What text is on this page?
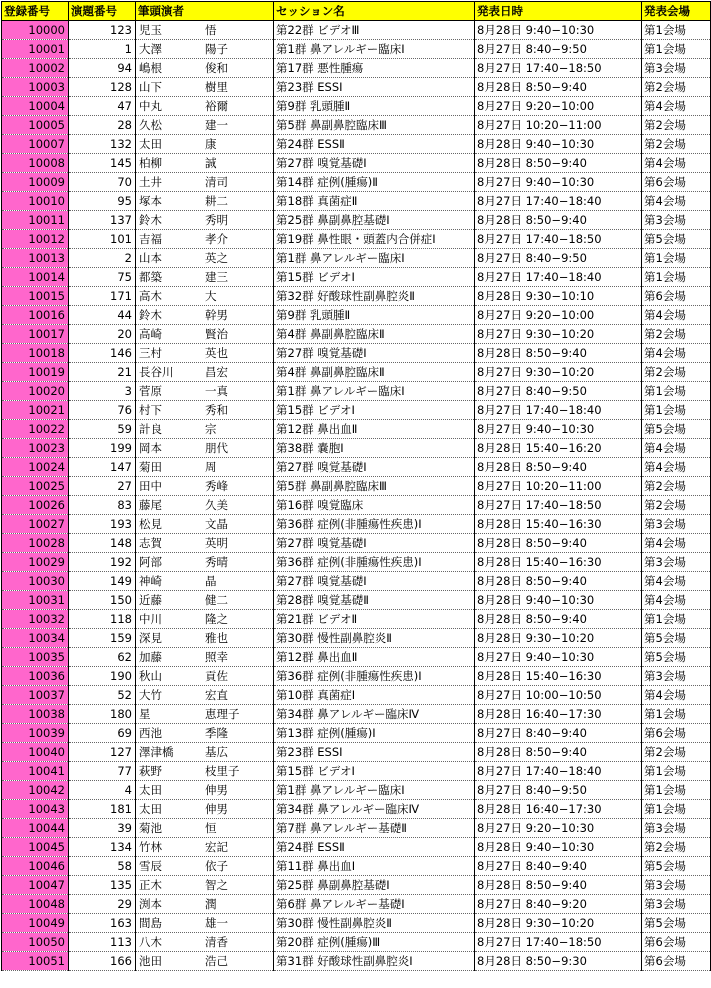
登録番号	演題番号	筆頭演者	セッション名	発表日時	発表会場
10000	123	児玉 悟	第22群 ビデオⅢ	8月28日 9:40−10:30	第1会場
10001	1	大澤 陽子	第1群 鼻アレルギー臨床Ⅰ	8月27日 8:40−9:50	第1会場
10002	94	嶋根 俊和	第17群 悪性腫瘍	8月27日 17:40−18:50	第3会場
10003	128	山下 樹里	第23群 ESSⅠ	8月28日 8:50−9:40	第2会場
10004	47	中丸 裕爾	第9群 乳頭腫Ⅱ	8月27日 9:20−10:00	第4会場
10005	28	久松 建一	第5群 鼻副鼻腔臨床Ⅲ	8月27日 10:20−11:00	第2会場
10007	132	太田 康	第24群 ESSⅡ	8月28日 9:40−10:30	第2会場
10008	145	柏柳 誠	第27群 嗅覚基礎Ⅰ	8月28日 8:50−9:40	第4会場
10009	70	土井 清司	第14群 症例(腫瘍)Ⅱ	8月27日 9:40−10:30	第6会場
10010	95	塚本 耕二	第18群 真菌症Ⅱ	8月27日 17:40−18:40	第4会場
10011	137	鈴木 秀明	第25群 鼻副鼻腔基礎Ⅰ	8月28日 8:50−9:40	第3会場
10012	101	吉福 孝介	第19群 鼻性眼・頭蓋内合併症Ⅰ	8月27日 17:40−18:50	第5会場
10013	2	山本 英之	第1群 鼻アレルギー臨床Ⅰ	8月27日 8:40−9:50	第1会場
10014	75	都築 建三	第15群 ビデオⅠ	8月27日 17:40−18:40	第1会場
10015	171	高木 大	第32群 好酸球性副鼻腔炎Ⅱ	8月28日 9:30−10:10	第6会場
10016	44	鈴木 幹男	第9群 乳頭腫Ⅱ	8月27日 9:20−10:00	第4会場
10017	20	高崎 賢治	第4群 鼻副鼻腔臨床Ⅱ	8月27日 9:30−10:20	第2会場
10018	146	三村 英也	第27群 嗅覚基礎Ⅰ	8月28日 8:50−9:40	第4会場
10019	21	長谷川 昌宏	第4群 鼻副鼻腔臨床Ⅱ	8月27日 9:30−10:20	第2会場
10020	3	菅原 一真	第1群 鼻アレルギー臨床Ⅰ	8月27日 8:40−9:50	第1会場
10021	76	村下 秀和	第15群 ビデオⅠ	8月27日 17:40−18:40	第1会場
10022	59	計良 宗	第12群 鼻出血Ⅱ	8月27日 9:40−10:30	第5会場
10023	199	岡本 朋代	第38群 嚢胞Ⅰ	8月28日 15:40−16:20	第4会場
10024	147	菊田 周	第27群 嗅覚基礎Ⅰ	8月28日 8:50−9:40	第4会場
10025	27	田中 秀峰	第5群 鼻副鼻腔臨床Ⅲ	8月27日 10:20−11:00	第2会場
10026	83	藤尾 久美	第16群 嗅覚臨床	8月27日 17:40−18:50	第2会場
10027	193	松見 文晶	第36群 症例(非腫瘍性疾患)Ⅰ	8月28日 15:40−16:30	第3会場
10028	148	志賀 英明	第27群 嗅覚基礎Ⅰ	8月28日 8:50−9:40	第4会場
10029	192	阿部 秀晴	第36群 症例(非腫瘍性疾患)Ⅰ	8月28日 15:40−16:30	第3会場
10030	149	神崎 晶	第27群 嗅覚基礎Ⅰ	8月28日 8:50−9:40	第4会場
10031	150	近藤 健二	第28群 嗅覚基礎Ⅱ	8月28日 9:40−10:30	第4会場
10032	118	中川 隆之	第21群 ビデオⅡ	8月28日 8:50−9:40	第1会場
10034	159	深見 雅也	第30群 慢性副鼻腔炎Ⅱ	8月28日 9:30−10:20	第5会場
10035	62	加藤 照幸	第12群 鼻出血Ⅱ	8月27日 9:40−10:30	第5会場
10036	190	秋山 貢佐	第36群 症例(非腫瘍性疾患)Ⅰ	8月28日 15:40−16:30	第3会場
10037	52	大竹 宏直	第10群 真菌症Ⅰ	8月27日 10:00−10:50	第4会場
10038	180	星 恵理子	第34群 鼻アレルギー臨床Ⅳ	8月28日 16:40−17:30	第1会場
10039	69	西池 季隆	第13群 症例(腫瘍)Ⅰ	8月27日 8:40−9:40	第6会場
10040	127	澤津橋 基広	第23群 ESSⅠ	8月28日 8:50−9:40	第2会場
10041	77	萩野 枝里子	第15群 ビデオⅠ	8月27日 17:40−18:40	第1会場
10042	4	太田 伸男	第1群 鼻アレルギー臨床Ⅰ	8月27日 8:40−9:50	第1会場
10043	181	太田 伸男	第34群 鼻アレルギー臨床Ⅳ	8月28日 16:40−17:30	第1会場
10044	39	菊池 恒	第7群 鼻アレルギー基礎Ⅱ	8月27日 9:20−10:30	第3会場
10045	134	竹林 宏記	第24群 ESSⅡ	8月28日 9:40−10:30	第2会場
10046	58	雪辰 依子	第11群 鼻出血Ⅰ	8月27日 8:40−9:40	第5会場
10047	135	正木 智之	第25群 鼻副鼻腔基礎Ⅰ	8月28日 8:50−9:40	第3会場
10048	29	渕本 潤	第6群 鼻アレルギー基礎Ⅰ	8月27日 8:40−9:20	第3会場
10049	163	間島 雄一	第30群 慢性副鼻腔炎Ⅱ	8月28日 9:30−10:20	第5会場
10050	113	八木 清香	第20群 症例(腫瘍)Ⅲ	8月27日 17:40−18:50	第6会場
10051	166	池田 浩己	第31群 好酸球性副鼻腔炎Ⅰ	8月28日 8:50−9:30	第6会場
